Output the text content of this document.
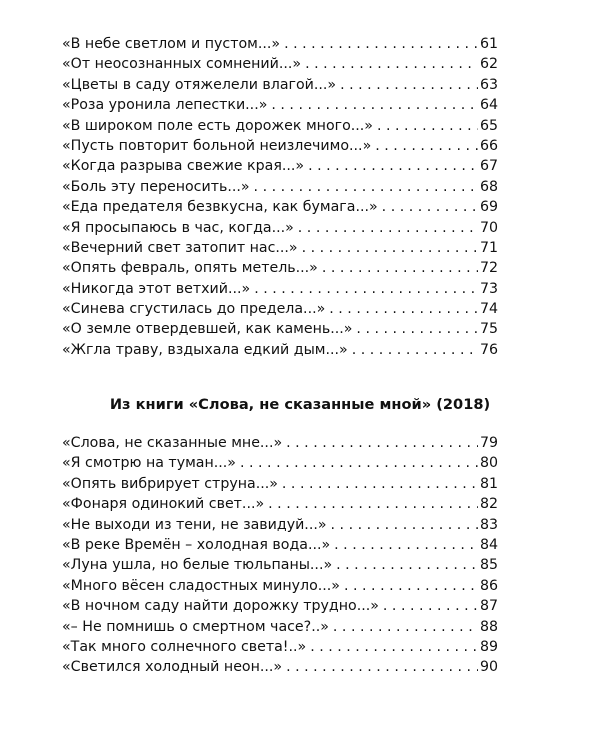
«В небе светлом и пустом...» . . .	61
«От неосознанных сомнений...» . . .	62
«Цветы в саду отяжелели влагой...» . . .	63
«Роза уронила лепестки...» . . .	64
«В широком поле есть дорожек много...» . . .	65
«Пусть повторит больной неизлечимо...» . . .	66
«Когда разрыва свежие края...» . . .	67
«Боль эту переносить...» . . .	68
«Еда предателя безвкусна, как бумага...» . . .	69
«Я просыпаюсь в час, когда...» . . .	70
«Вечерний свет затопит нас...» . . .	71
«Опять февраль, опять метель...» . . .	72
«Никогда этот ветхий...» . . .	73
«Синева сгустилась до предела...» . . .	74
«О земле отвердевшей, как камень...» . . .	75
«Жгла траву, вздыхала едкий дым...» . . .	76
Из книги «Слова, не сказанные мной» (2018)
«Слова, не сказанные мне...» . . .	79
«Я смотрю на туман...» . . .	80
«Опять вибрирует струна...» . . .	81
«Фонаря одинокий свет...» . . .	82
«Не выходи из тени, не завидуй...» . . .	83
«В реке Времён – холодная вода...» . . .	84
«Луна ушла, но белые тюльпаны...» . . .	85
«Много вёсен сладостных минуло...» . . .	86
«В ночном саду найти дорожку трудно...» . . .	87
«– Не помнишь о смертном часе?..» . . .	88
«Так много солнечного света!..» . . .	89
«Светился холодный неон...» . . .	90
